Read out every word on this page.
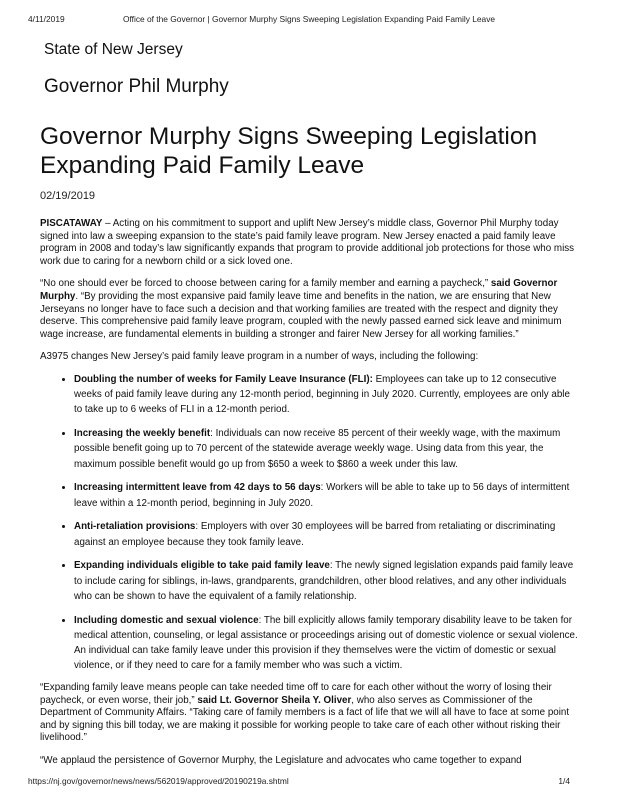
4/11/2019	Office of the Governor | Governor Murphy Signs Sweeping Legislation Expanding Paid Family Leave
State of New Jersey
Governor Phil Murphy
Governor Murphy Signs Sweeping Legislation Expanding Paid Family Leave
02/19/2019

PISCATAWAY – Acting on his commitment to support and uplift New Jersey’s middle class, Governor Phil Murphy today signed into law a sweeping expansion to the state’s paid family leave program. New Jersey enacted a paid family leave program in 2008 and today’s law significantly expands that program to provide additional job protections for those who miss work due to caring for a newborn child or a sick loved one.

“No one should ever be forced to choose between caring for a family member and earning a paycheck,” said Governor Murphy. “By providing the most expansive paid family leave time and benefits in the nation, we are ensuring that New Jerseyans no longer have to face such a decision and that working families are treated with the respect and dignity they deserve. This comprehensive paid family leave program, coupled with the newly passed earned sick leave and minimum wage increase, are fundamental elements in building a stronger and fairer New Jersey for all working families.”

A3975 changes New Jersey’s paid family leave program in a number of ways, including the following:

• Doubling the number of weeks for Family Leave Insurance (FLI): Employees can take up to 12 consecutive weeks of paid family leave during any 12-month period, beginning in July 2020. Currently, employees are only able to take up to 6 weeks of FLI in a 12-month period.
• Increasing the weekly benefit: Individuals can now receive 85 percent of their weekly wage, with the maximum possible benefit going up to 70 percent of the statewide average weekly wage. Using data from this year, the maximum possible benefit would go up from $650 a week to $860 a week under this law.
• Increasing intermittent leave from 42 days to 56 days: Workers will be able to take up to 56 days of intermittent leave within a 12-month period, beginning in July 2020.
• Anti-retaliation provisions: Employers with over 30 employees will be barred from retaliating or discriminating against an employee because they took family leave.
• Expanding individuals eligible to take paid family leave: The newly signed legislation expands paid family leave to include caring for siblings, in-laws, grandparents, grandchildren, other blood relatives, and any other individuals who can be shown to have the equivalent of a family relationship.
• Including domestic and sexual violence: The bill explicitly allows family temporary disability leave to be taken for medical attention, counseling, or legal assistance or proceedings arising out of domestic violence or sexual violence. An individual can take family leave under this provision if they themselves were the victim of domestic or sexual violence, or if they need to care for a family member who was such a victim.

“Expanding family leave means people can take needed time off to care for each other without the worry of losing their paycheck, or even worse, their job,” said Lt. Governor Sheila Y. Oliver, who also serves as Commissioner of the Department of Community Affairs. “Taking care of family members is a fact of life that we will all have to face at some point and by signing this bill today, we are making it possible for working people to take care of each other without risking their livelihood.”

“We applaud the persistence of Governor Murphy, the Legislature and advocates who came together to expand

https://nj.gov/governor/news/news/562019/approved/20190219a.shtml	1/4
